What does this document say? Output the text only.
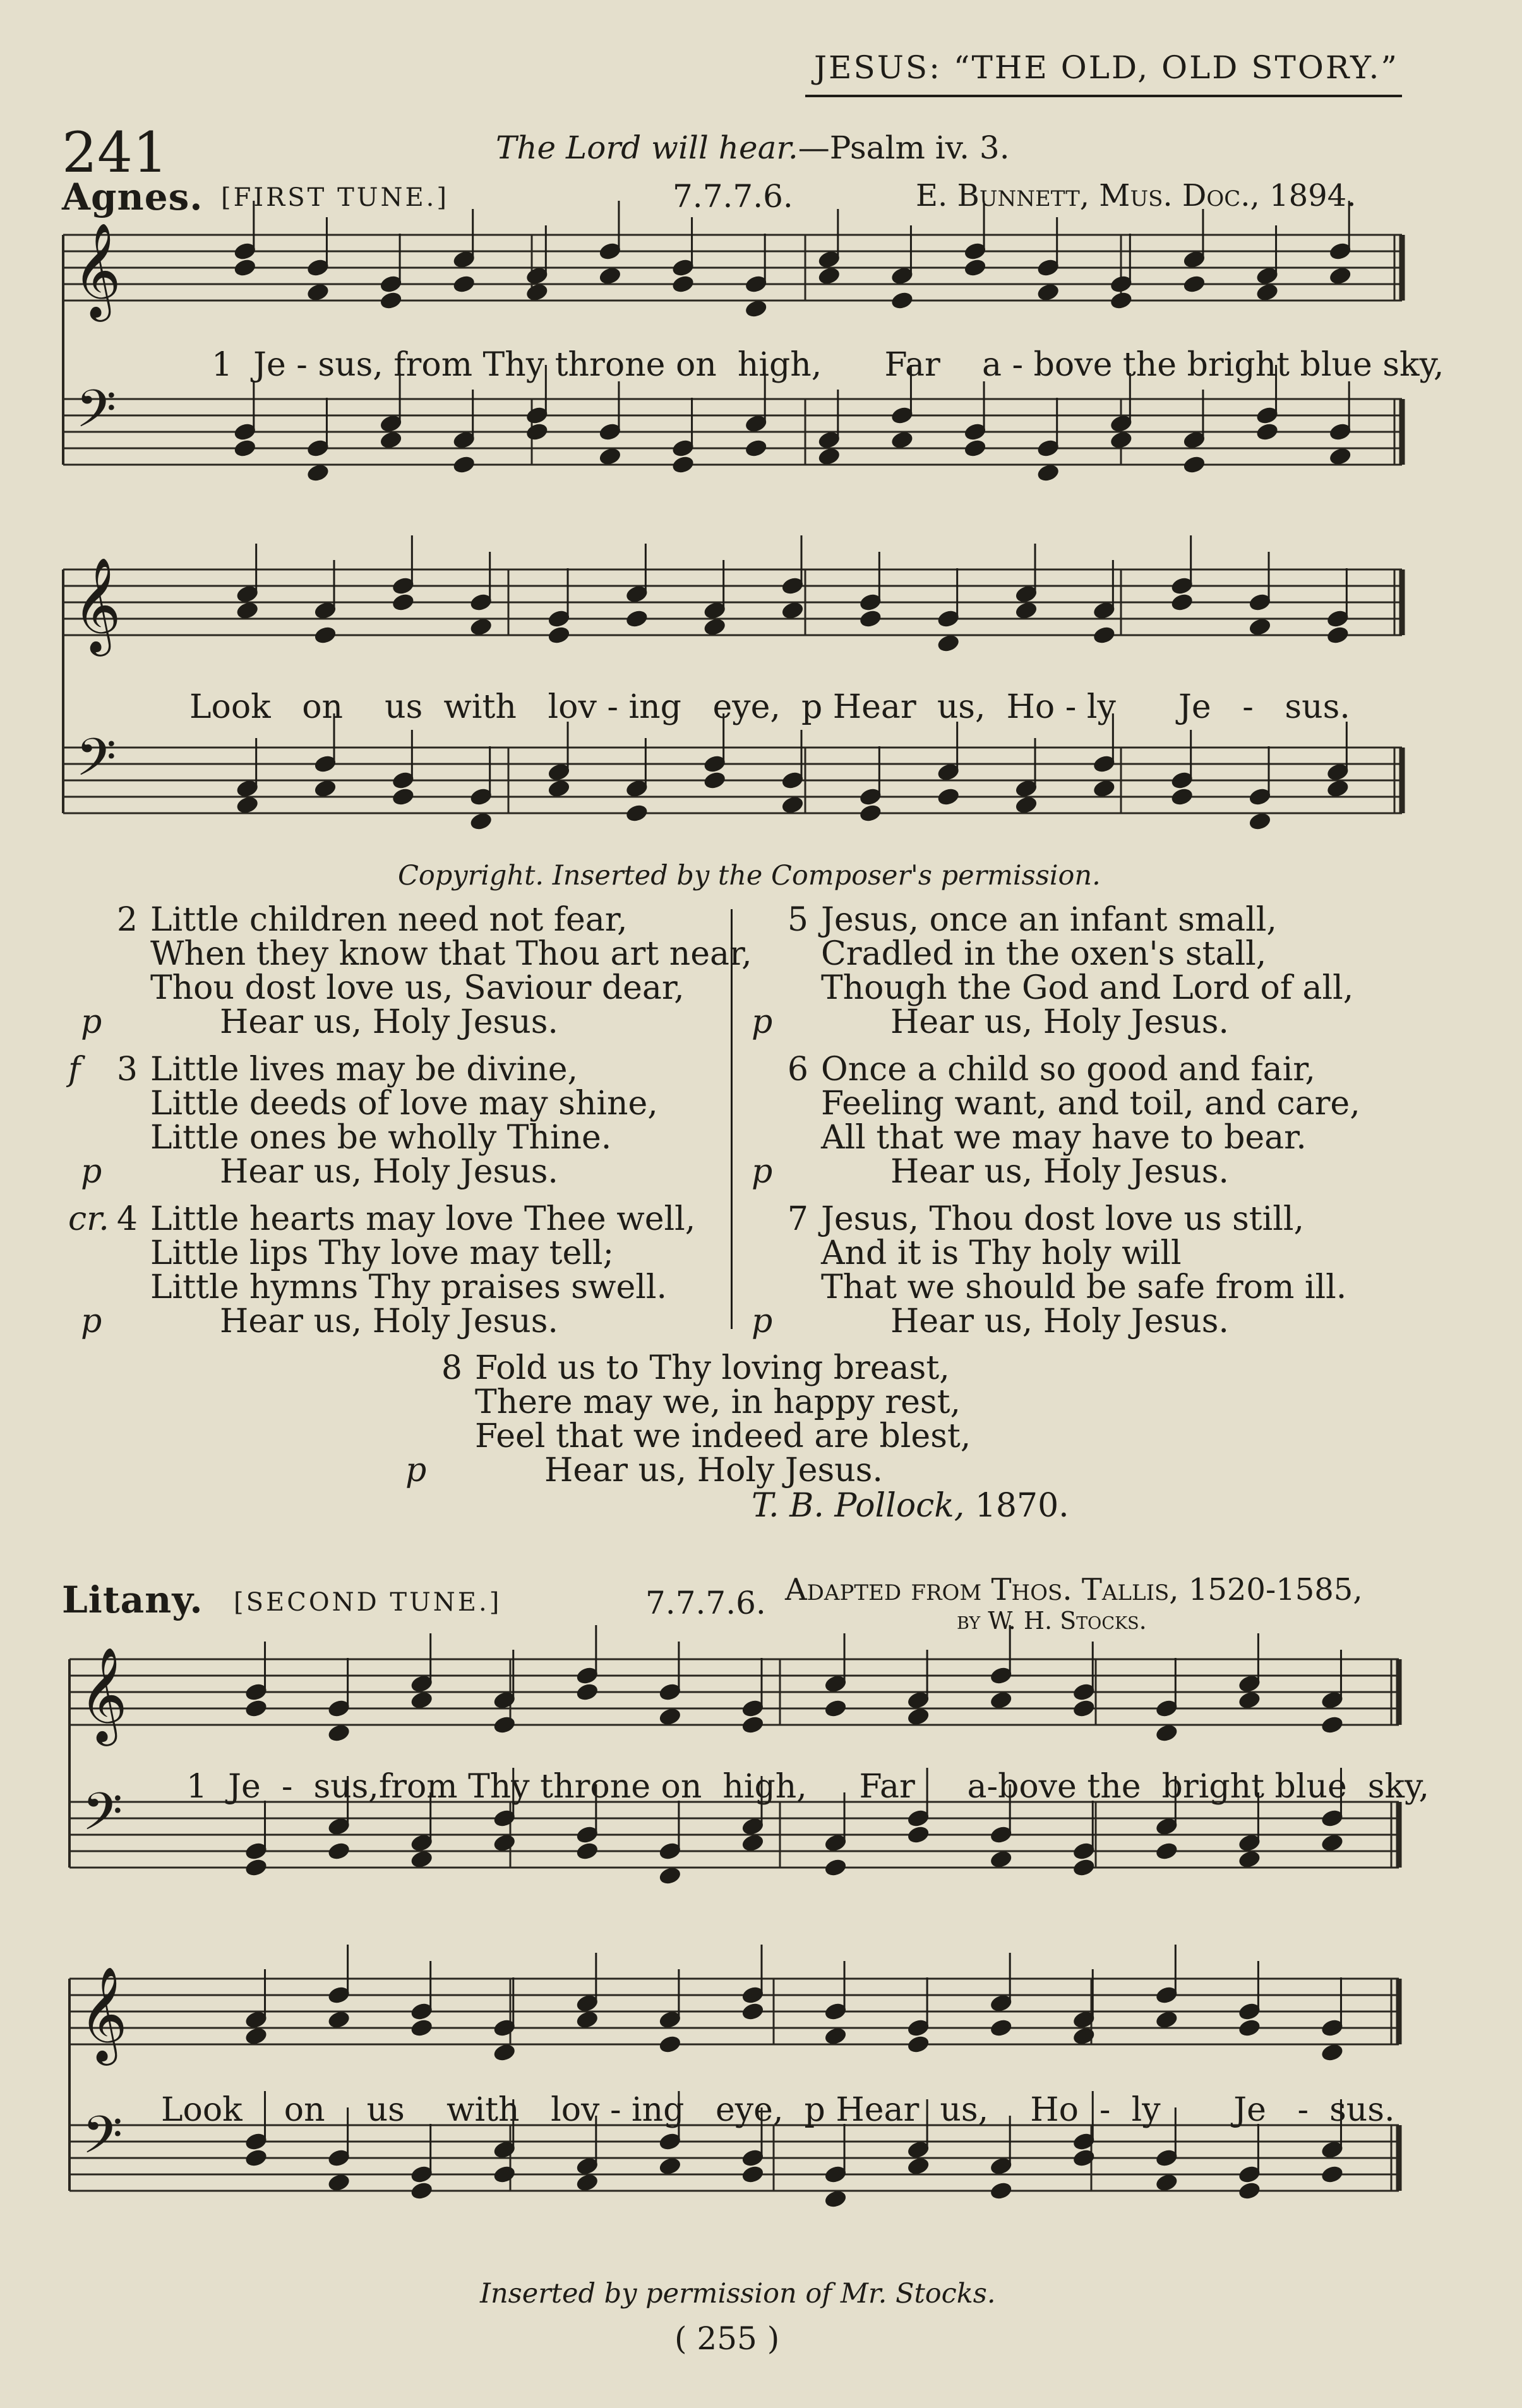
JESUS: “THE OLD, OLD STORY.”
241	The Lord will hear.—Psalm iv. 3.
Agnes. [FIRST TUNE.]	7.7.7.6.	E. Bunnett, Mus. Doc., 1894.
𝄞
𝄢
𝄞
𝄢
𝄞
𝄢
𝄞
𝄢
1  Je - sus, from Thy throne on  high,      Far    a - bove the bright blue sky,
Look   on    us  with   lov - ing   eye,  p Hear  us,  Ho - ly      Je   -   sus.
Copyright. Inserted by the Composer's permission.
2 Little children need not fear,
When they know that Thou art near,
Thou dost love us, Saviour dear,
p	Hear us, Holy Jesus.
f	3 Little lives may be divine,
Little deeds of love may shine,
Little ones be wholly Thine.
p	Hear us, Holy Jesus.
cr. 4 Little hearts may love Thee well,
Little lips Thy love may tell;
Little hymns Thy praises swell.
p	Hear us, Holy Jesus.
5 Jesus, once an infant small,
Cradled in the oxen's stall,
Though the God and Lord of all,
p	Hear us, Holy Jesus.
6 Once a child so good and fair,
Feeling want, and toil, and care,
All that we may have to bear.
p	Hear us, Holy Jesus.
7 Jesus, Thou dost love us still,
And it is Thy holy will
That we should be safe from ill.
p	Hear us, Holy Jesus.
8 Fold us to Thy loving breast,
There may we, in happy rest,
Feel that we indeed are blest,
p	Hear us, Holy Jesus.
T. B. Pollock, 1870.
Litany. [SECOND TUNE.]	7.7.7.6. Adapted from Thos. Tallis, 1520-1585,
by W. H. Stocks.
1  Je  -  sus,from Thy throne on  high,     Far     a-bove the  bright blue  sky,
Look    on    us    with   lov - ing   eye,  p Hear  us,    Ho  -  ly       Je   -  sus.
Inserted by permission of Mr. Stocks.
( 255 )
